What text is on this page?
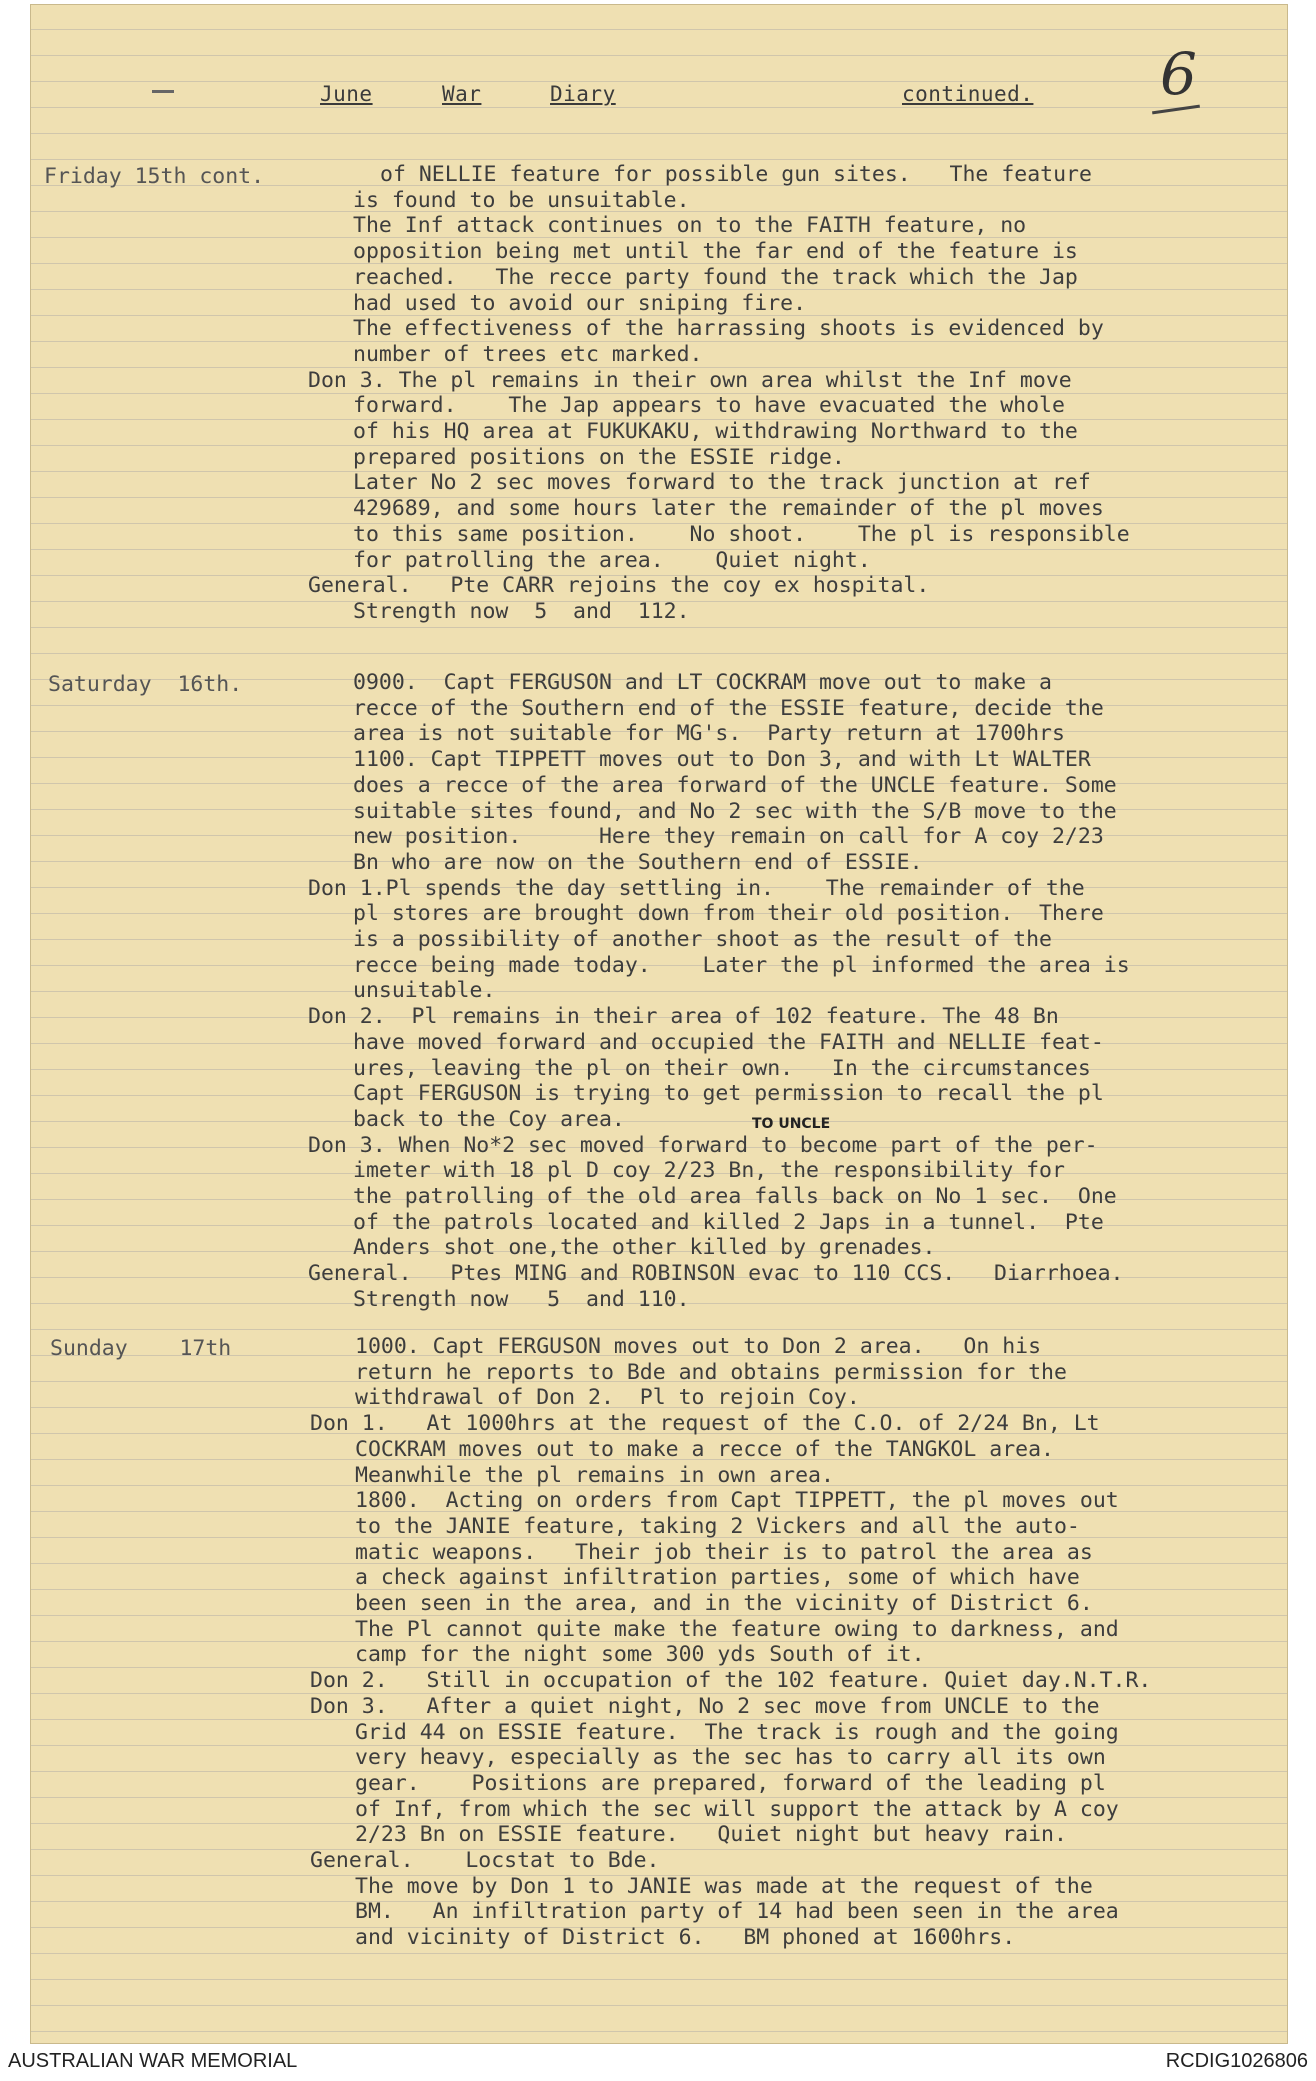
June	War	Diary	continued. 6
Friday 15th cont.	of NELLIE feature for possible gun sites.   The feature
is found to be unsuitable.
The Inf attack continues on to the FAITH feature, no
opposition being met until the far end of the feature is
reached.   The recce party found the track which the Jap
had used to avoid our sniping fire.
The effectiveness of the harrassing shoots is evidenced by
number of trees etc marked.
Don 3. The pl remains in their own area whilst the Inf move
forward.    The Jap appears to have evacuated the whole
of his HQ area at FUKUKAKU, withdrawing Northward to the
prepared positions on the ESSIE ridge.
Later No 2 sec moves forward to the track junction at ref
429689, and some hours later the remainder of the pl moves
to this same position.    No shoot.    The pl is responsible
for patrolling the area.    Quiet night.
General.   Pte CARR rejoins the coy ex hospital.
Strength now  5  and  112.
Saturday  16th.	0900.  Capt FERGUSON and LT COCKRAM move out to make a
recce of the Southern end of the ESSIE feature, decide the
area is not suitable for MG's.  Party return at 1700hrs
1100. Capt TIPPETT moves out to Don 3, and with Lt WALTER
does a recce of the area forward of the UNCLE feature. Some
suitable sites found, and No 2 sec with the S/B move to the
new position.      Here they remain on call for A coy 2/23
Bn who are now on the Southern end of ESSIE.
Don 1.Pl spends the day settling in.    The remainder of the
pl stores are brought down from their old position.  There
is a possibility of another shoot as the result of the
recce being made today.    Later the pl informed the area is
unsuitable.
Don 2.  Pl remains in their area of 102 feature. The 48 Bn
have moved forward and occupied the FAITH and NELLIE feat-
ures, leaving the pl on their own.   In the circumstances
Capt FERGUSON is trying to get permission to recall the pl
back to the Coy area.
Don 3. When No*2 sec moved forward to become part of the per-
imeter with 18 pl D coy 2/23 Bn, the responsibility for
the patrolling of the old area falls back on No 1 sec.  One
of the patrols located and killed 2 Japs in a tunnel.  Pte
Anders shot one,the other killed by grenades.
General.   Ptes MING and ROBINSON evac to 110 CCS.   Diarrhoea.
Strength now   5  and 110.
TO UNCLE
Sunday    17th	1000. Capt FERGUSON moves out to Don 2 area.   On his
return he reports to Bde and obtains permission for the
withdrawal of Don 2.  Pl to rejoin Coy.
Don 1.   At 1000hrs at the request of the C.O. of 2/24 Bn, Lt
COCKRAM moves out to make a recce of the TANGKOL area.
Meanwhile the pl remains in own area.
1800.  Acting on orders from Capt TIPPETT, the pl moves out
to the JANIE feature, taking 2 Vickers and all the auto-
matic weapons.   Their job their is to patrol the area as
a check against infiltration parties, some of which have
been seen in the area, and in the vicinity of District 6.
The Pl cannot quite make the feature owing to darkness, and
camp for the night some 300 yds South of it.
Don 2.   Still in occupation of the 102 feature. Quiet day.N.T.R.
Don 3.   After a quiet night, No 2 sec move from UNCLE to the
Grid 44 on ESSIE feature.  The track is rough and the going
very heavy, especially as the sec has to carry all its own
gear.    Positions are prepared, forward of the leading pl
of Inf, from which the sec will support the attack by A coy
2/23 Bn on ESSIE feature.   Quiet night but heavy rain.
General.    Locstat to Bde.
The move by Don 1 to JANIE was made at the request of the
BM.   An infiltration party of 14 had been seen in the area
and vicinity of District 6.   BM phoned at 1600hrs.
AUSTRALIAN WAR MEMORIAL	RCDIG1026806
